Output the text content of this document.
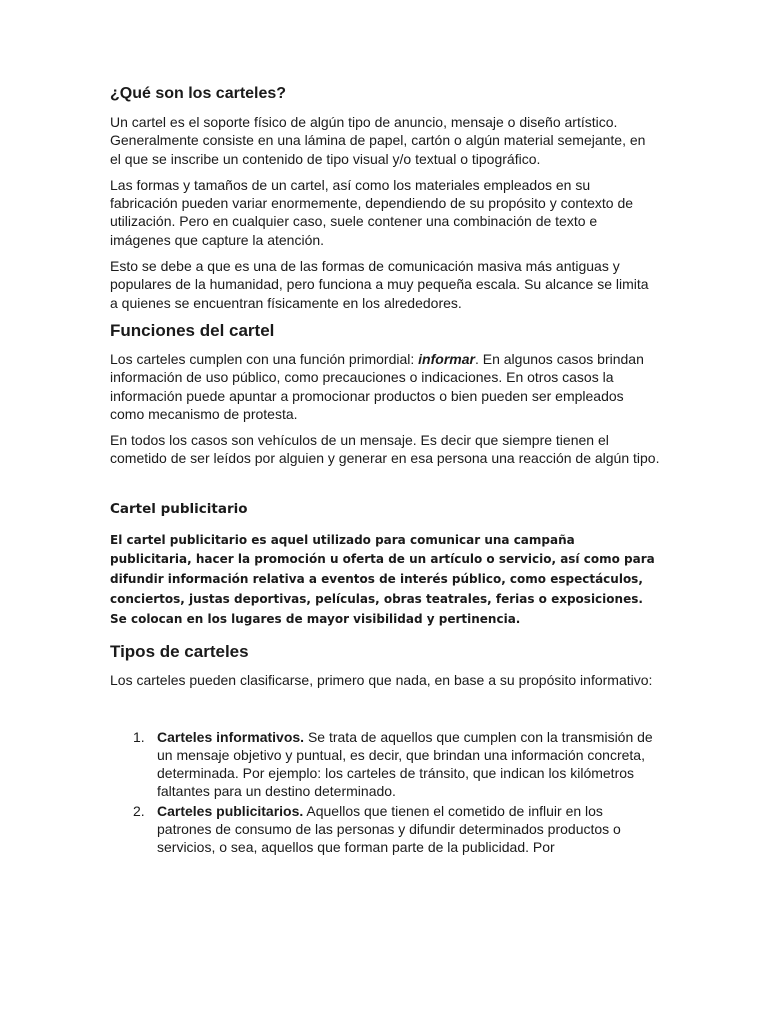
¿Qué son los carteles?

Un cartel es el soporte físico de algún tipo de anuncio, mensaje o diseño artístico. Generalmente consiste en una lámina de papel, cartón o algún material semejante, en el que se inscribe un contenido de tipo visual y/o textual o tipográfico.

Las formas y tamaños de un cartel, así como los materiales empleados en su fabricación pueden variar enormemente, dependiendo de su propósito y contexto de utilización. Pero en cualquier caso, suele contener una combinación de texto e imágenes que capture la atención.

Esto se debe a que es una de las formas de comunicación masiva más antiguas y populares de la humanidad, pero funciona a muy pequeña escala. Su alcance se limita a quienes se encuentran físicamente en los alrededores.

Funciones del cartel

Los carteles cumplen con una función primordial: informar. En algunos casos brindan información de uso público, como precauciones o indicaciones. En otros casos la información puede apuntar a promocionar productos o bien pueden ser empleados como mecanismo de protesta.

En todos los casos son vehículos de un mensaje. Es decir que siempre tienen el cometido de ser leídos por alguien y generar en esa persona una reacción de algún tipo.

Cartel publicitario

El cartel publicitario es aquel utilizado para comunicar una campaña publicitaria, hacer la promoción u oferta de un artículo o servicio, así como para difundir información relativa a eventos de interés público, como espectáculos, conciertos, justas deportivas, películas, obras teatrales, ferias o exposiciones. Se colocan en los lugares de mayor visibilidad y pertinencia.

Tipos de carteles

Los carteles pueden clasificarse, primero que nada, en base a su propósito informativo:

1. Carteles informativos. Se trata de aquellos que cumplen con la transmisión de un mensaje objetivo y puntual, es decir, que brindan una información concreta, determinada. Por ejemplo: los carteles de tránsito, que indican los kilómetros faltantes para un destino determinado.
2. Carteles publicitarios. Aquellos que tienen el cometido de influir en los patrones de consumo de las personas y difundir determinados productos o servicios, o sea, aquellos que forman parte de la publicidad. Por
